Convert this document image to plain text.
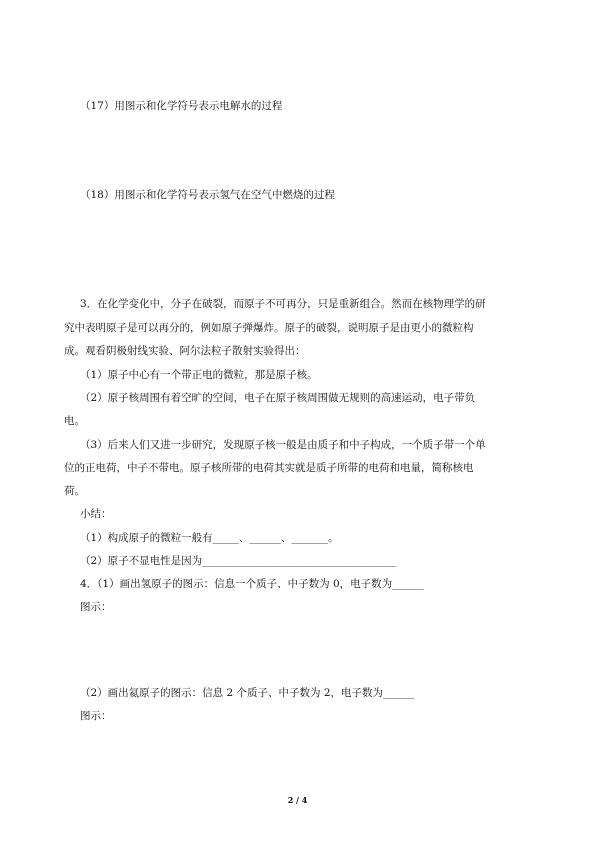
（17）用图示和化学符号表示电解水的过程
（18）用图示和化学符号表示氢气在空气中燃烧的过程
3．在化学变化中，分子在破裂，而原子不可再分，只是重新组合。然而在核物理学的研
究中表明原子是可以再分的，例如原子弹爆炸。原子的破裂，说明原子是由更小的微粒构
成。观看阴极射线实验、阿尔法粒子散射实验得出：
（1）原子中心有一个带正电的微粒，那是原子核。
（2）原子核周围有着空旷的空间，电子在原子核周围做无规则的高速运动，电子带负
电。
（3）后来人们又进一步研究，发现原子核一般是由质子和中子构成，一个质子带一个单
位的正电荷，中子不带电。原子核所带的电荷其实就是质子所带的电荷和电量，简称核电
荷。
小结：
（1）构成原子的微粒一般有_____、______、_______。
（2）原子不显电性是因为_____________________________________
4．（1）画出氢原子的图示：信息一个质子、中子数为 0，电子数为______
图示：
（2）画出氦原子的图示：信息 2 个质子、中子数为 2，电子数为______
图示：
2 / 4
